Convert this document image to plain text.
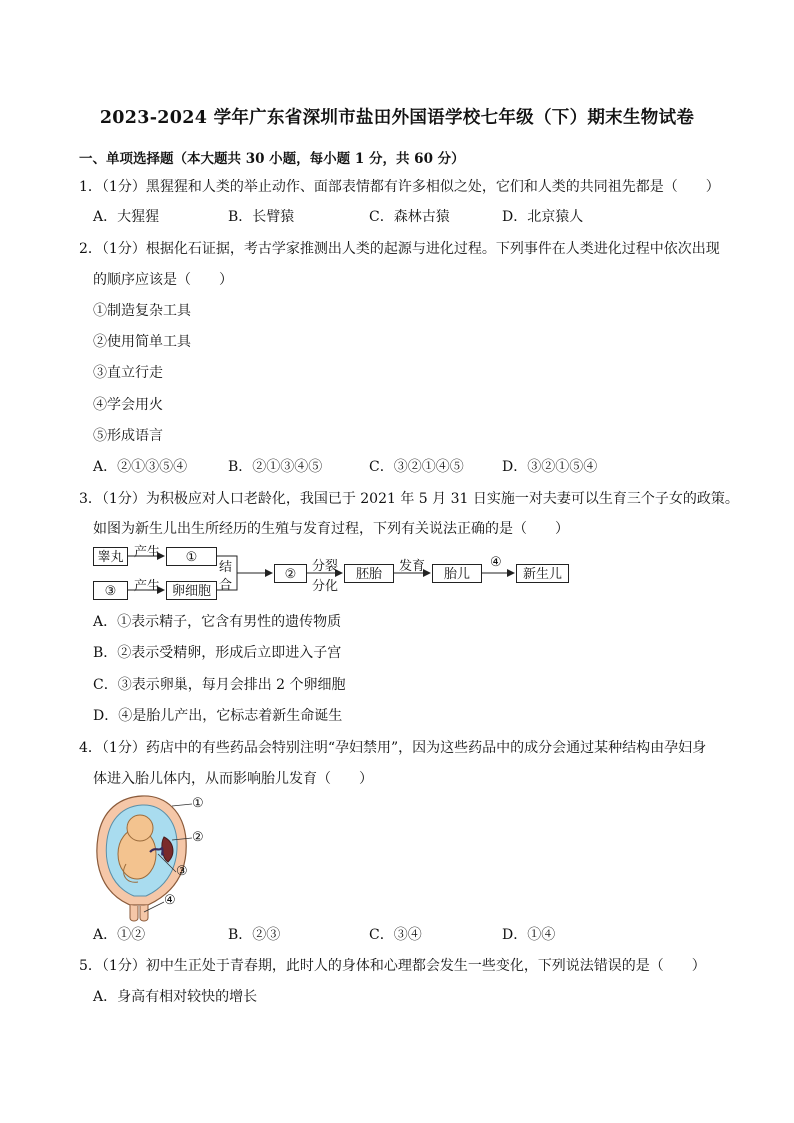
2023-2024 学年广东省深圳市盐田外国语学校七年级（下）期末生物试卷
一、单项选择题（本大题共 30 小题，每小题 1 分，共 60 分）
1．（1分）黑猩猩和人类的举止动作、面部表情都有许多相似之处，它们和人类的共同祖先都是（　　）
A．大猩猩	B．长臂猿	C．森林古猿	D．北京猿人
2．（1分）根据化石证据，考古学家推测出人类的起源与进化过程。下列事件在人类进化过程中依次出现
的顺序应该是（　　）
①制造复杂工具
②使用简单工具
③直立行走
④学会用火
⑤形成语言
A．②①③⑤④	B．②①③④⑤	C．③②①④⑤	D．③②①⑤④
3．（1分）为积极应对人口老龄化，我国已于 2021 年 5 月 31 日实施一对夫妻可以生育三个子女的政策。
如图为新生儿出生所经历的生殖与发育过程，下列有关说法正确的是（　　）
睾丸 产生	①
③	产生 卵细胞
结
合
②
分裂
分化
胚胎
发育
胎儿
④
新生儿
A．①表示精子，它含有男性的遗传物质
B．②表示受精卵，形成后立即进入子宫
C．③表示卵巢，每月会排出 2 个卵细胞
D．④是胎儿产出，它标志着新生命诞生
4．（1分）药店中的有些药品会特别注明“孕妇禁用”，因为这些药品中的成分会通过某种结构由孕妇身
体进入胎儿体内，从而影响胎儿发育（　　）
①
②
③
④
A．①②	B．②③	C．③④	D．①④
5．（1分）初中生正处于青春期，此时人的身体和心理都会发生一些变化，下列说法错误的是（　　）
A．身高有相对较快的增长
